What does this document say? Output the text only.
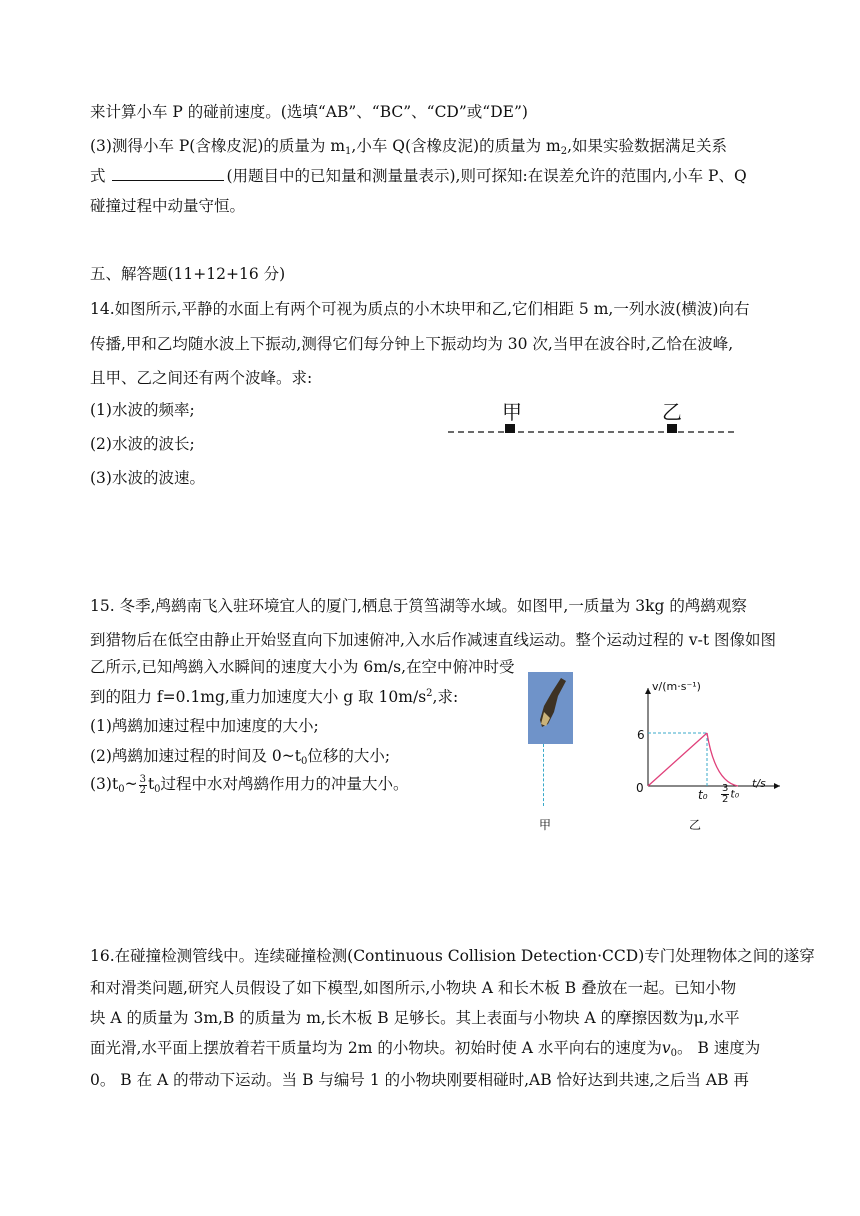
来计算小车 P 的碰前速度。(选填“AB”、“BC”、“CD”或“DE”)
(3)测得小车 P(含橡皮泥)的质量为 $m_1$,小车 Q(含橡皮泥)的质量为 $m_2$,如果实验数据满足关系
式	(用题目中的已知量和测量量表示),则可探知:在误差允许的范围内,小车 P、Q
碰撞过程中动量守恒。
五、解答题(11+12+16 分)
14.如图所示,平静的水面上有两个可视为质点的小木块甲和乙,它们相距 5 m,一列水波(横波)向右
传播,甲和乙均随水波上下振动,测得它们每分钟上下振动均为 30 次,当甲在波谷时,乙恰在波峰,
且甲、乙之间还有两个波峰。求:
(1)水波的频率;
(2)水波的波长;
(3)水波的波速。
甲	乙
15. 冬季,鸬鹚南飞入驻环境宜人的厦门,栖息于筼筜湖等水域。如图甲,一质量为 3kg 的鸬鹚观察
到猎物后在低空由静止开始竖直向下加速俯冲,入水后作减速直线运动。整个运动过程的 v-t 图像如图
乙所示,已知鸬鹚入水瞬间的速度大小为 6m/s,在空中俯冲时受
到的阻力 f=0.1mg,重力加速度大小 g 取 $10m/s^2$,求:
(1)鸬鹚加速过程中加速度的大小;
(2)鸬鹚加速过程的时间及 $0\sim t_0$位移的大小;
$(3)t_0\sim \frac{3}{2} t_0$过程中水对鸬鹚作用力的冲量大小。
甲
v/(m·s⁻¹)
t/s
6
0	$t_0 \frac{3}{2} t_0$
乙
16.在碰撞检测管线中。连续碰撞检测(Continuous Collision Detection·CCD)专门处理物体之间的遂穿
和对滑类问题,研究人员假设了如下模型,如图所示,小物块 A 和长木板 B 叠放在一起。已知小物
块 A 的质量为 3m,B 的质量为 m,长木板 B 足够长。其上表面与小物块 A 的摩擦因数为μ,水平
面光滑,水平面上摆放着若干质量均为 2m 的小物块。初始时使 A 水平向右的速度为$v_0$。 B 速度为
0。 B 在 A 的带动下运动。当 B 与编号 1 的小物块刚要相碰时,AB 恰好达到共速,之后当 AB 再
